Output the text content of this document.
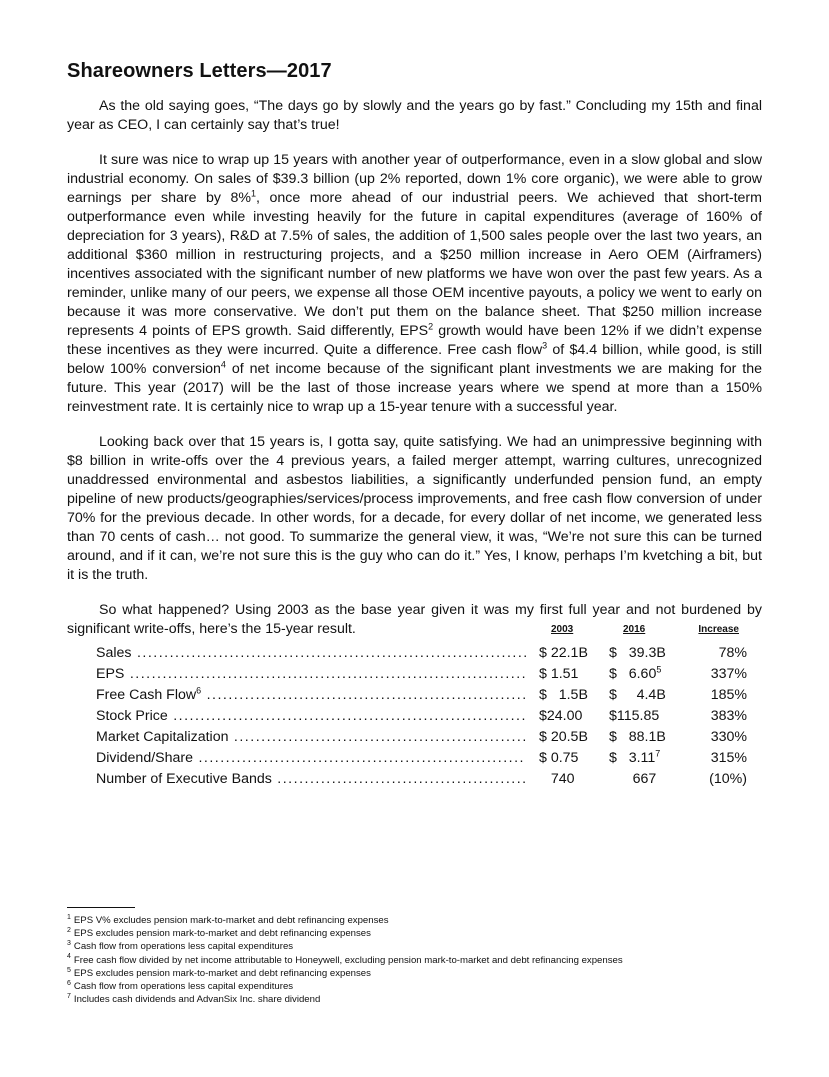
Shareowners Letters—2017

As the old saying goes, “The days go by slowly and the years go by fast.” Concluding my 15th and final year as CEO, I can certainly say that’s true!

It sure was nice to wrap up 15 years with another year of outperformance, even in a slow global and slow industrial economy. On sales of $39.3 billion (up 2% reported, down 1% core organic), we were able to grow earnings per share by 8%$^1$, once more ahead of our industrial peers. We achieved that short-term outperformance even while investing heavily for the future in capital expenditures (average of 160% of depreciation for 3 years), R&D at 7.5% of sales, the addition of 1,500 sales people over the last two years, an additional $360 million in restructuring projects, and a $250 million increase in Aero OEM (Airframers) incentives associated with the significant number of new platforms we have won over the past few years. As a reminder, unlike many of our peers, we expense all those OEM incentive payouts, a policy we went to early on because it was more conservative. We don’t put them on the balance sheet. That $250 million increase represents 4 points of EPS growth. Said differently, EPS$^2$ growth would have been 12% if we didn’t expense these incentives as they were incurred. Quite a difference. Free cash flow$^3$ of $4.4 billion, while good, is still below 100% conversion$^4$ of net income because of the significant plant investments we are making for the future. This year (2017) will be the last of those increase years where we spend at more than a 150% reinvestment rate. It is certainly nice to wrap up a 15-year tenure with a successful year.

Looking back over that 15 years is, I gotta say, quite satisfying. We had an unimpressive beginning with $8 billion in write-offs over the 4 previous years, a failed merger attempt, warring cultures, unrecognized unaddressed environmental and asbestos liabilities, a significantly underfunded pension fund, an empty pipeline of new products/geographies/services/process improvements, and free cash flow conversion of under 70% for the previous decade. In other words, for a decade, for every dollar of net income, we generated less than 70 cents of cash… not good. To summarize the general view, it was, “We’re not sure this can be turned around, and if it can, we’re not sure this is the guy who can do it.” Yes, I know, perhaps I’m kvetching a bit, but it is the truth.

So what happened? Using 2003 as the base year given it was my first full year and not burdened by significant write-offs, here’s the 15-year result.	2003	2016	Increase
Sales .....	$ 22.1B $   39.3B	78%
EPS .....	$ 1.51 $   6.60$^5$	337%
Free Cash Flow$^6$ .....	$   1.5B $     4.4B	185%
Stock Price .....	$24.00 $115.85	383%
Market Capitalization .....	$ 20.5B $   88.1B	330%
Dividend/Share .....	$ 0.75 $   3.11$^7$	315%
Number of Executive Bands .....	740 667	(10%)
$^1$ EPS V% excludes pension mark-to-market and debt refinancing expenses
$^2$ EPS excludes pension mark-to-market and debt refinancing expenses
$^3$ Cash flow from operations less capital expenditures
$^4$ Free cash flow divided by net income attributable to Honeywell, excluding pension mark-to-market and debt refinancing expenses
$^5$ EPS excludes pension mark-to-market and debt refinancing expenses
$^6$ Cash flow from operations less capital expenditures
$^7$ Includes cash dividends and AdvanSix Inc. share dividend
